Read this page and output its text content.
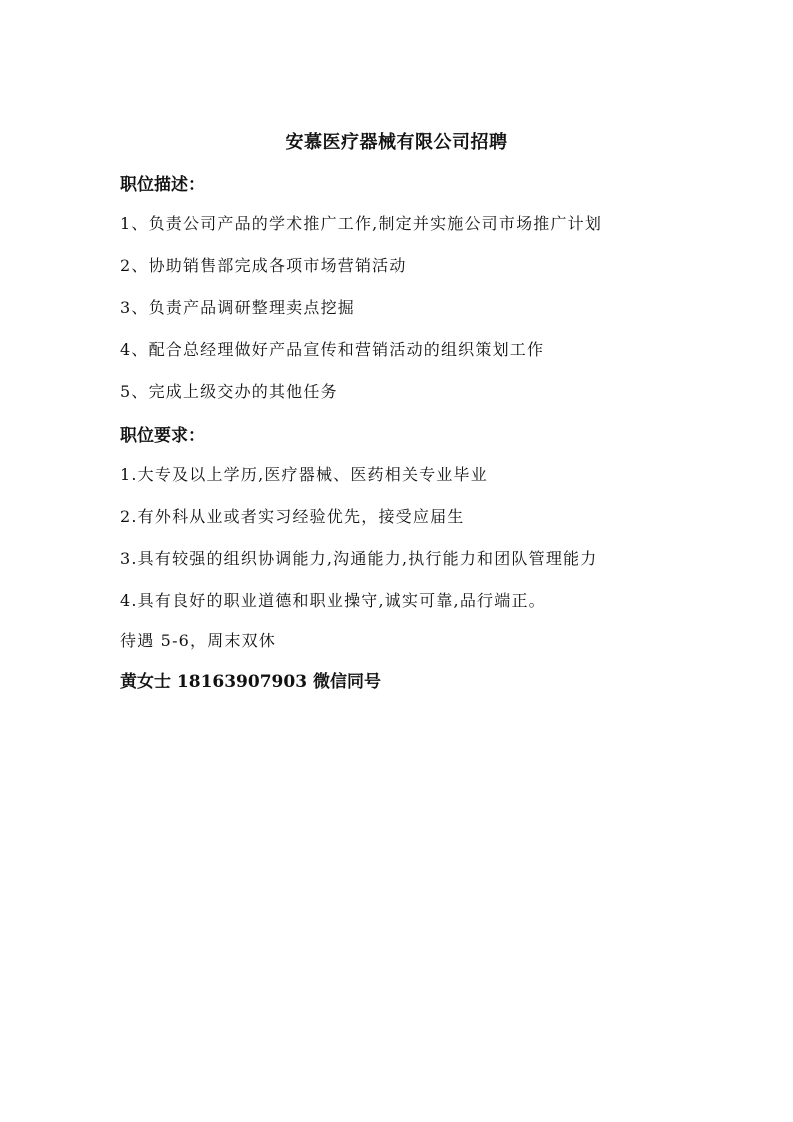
安慕医疗器械有限公司招聘
职位描述：
1、负责公司产品的学术推广工作,制定并实施公司市场推广计划
2、协助销售部完成各项市场营销活动
3、负责产品调研整理卖点挖掘
4、配合总经理做好产品宣传和营销活动的组织策划工作
5、完成上级交办的其他任务
职位要求：
1.大专及以上学历,医疗器械、医药相关专业毕业
2.有外科从业或者实习经验优先，接受应届生
3.具有较强的组织协调能力,沟通能力,执行能力和团队管理能力
4.具有良好的职业道德和职业操守,诚实可靠,品行端正。
待遇 5-6，周末双休
黄女士 18163907903 微信同号
